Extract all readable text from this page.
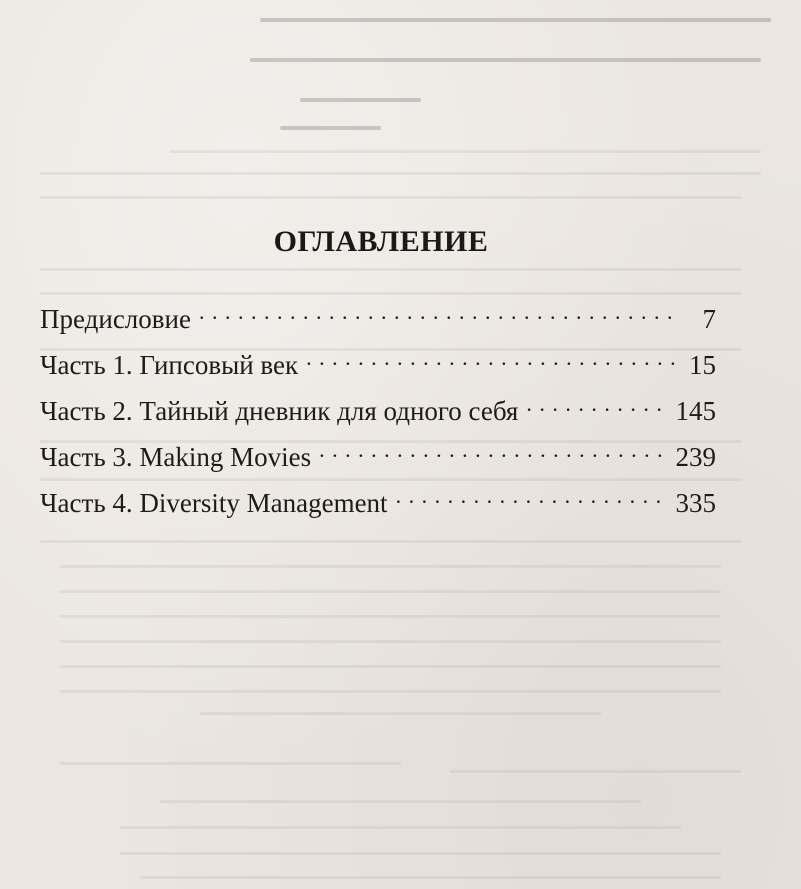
ОГЛАВЛЕНИЕ
Предисловие . . .	7
Часть 1. Гипсовый век . . .	15
Часть 2. Тайный дневник для одного себя . . .	145
Часть 3. Making Movies . . .	239
Часть 4. Diversity Management . . .	335
